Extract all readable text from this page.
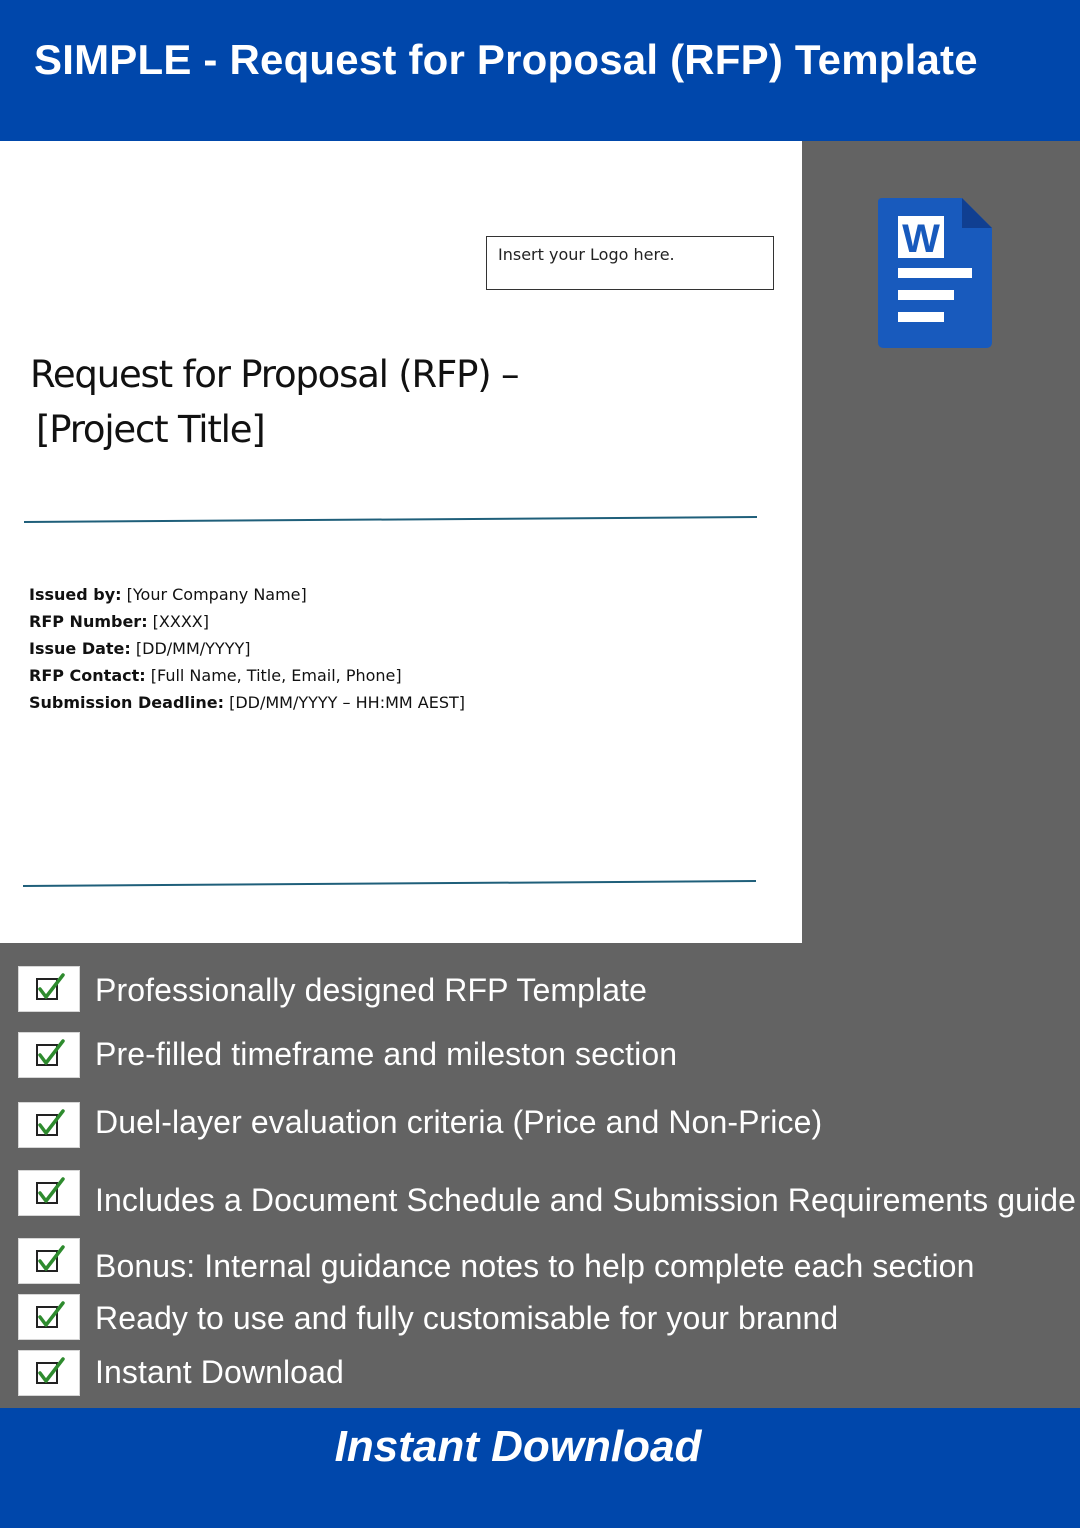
SIMPLE - Request for Proposal (RFP) Template
Insert your Logo here.
Request for Proposal (RFP) –
[Project Title]
Issued by: [Your Company Name]
RFP Number: [XXXX]
Issue Date: [DD/MM/YYYY]
RFP Contact: [Full Name, Title, Email, Phone]
Submission Deadline: [DD/MM/YYYY – HH:MM AEST]
W
Professionally designed RFP Template
Pre-filled timeframe and mileston section
Duel-layer evaluation criteria (Price and Non-Price)
Includes a Document Schedule and Submission Requirements guide
Bonus: Internal guidance notes to help complete each section
Ready to use and fully customisable for your brannd
Instant Download
Instant Download
